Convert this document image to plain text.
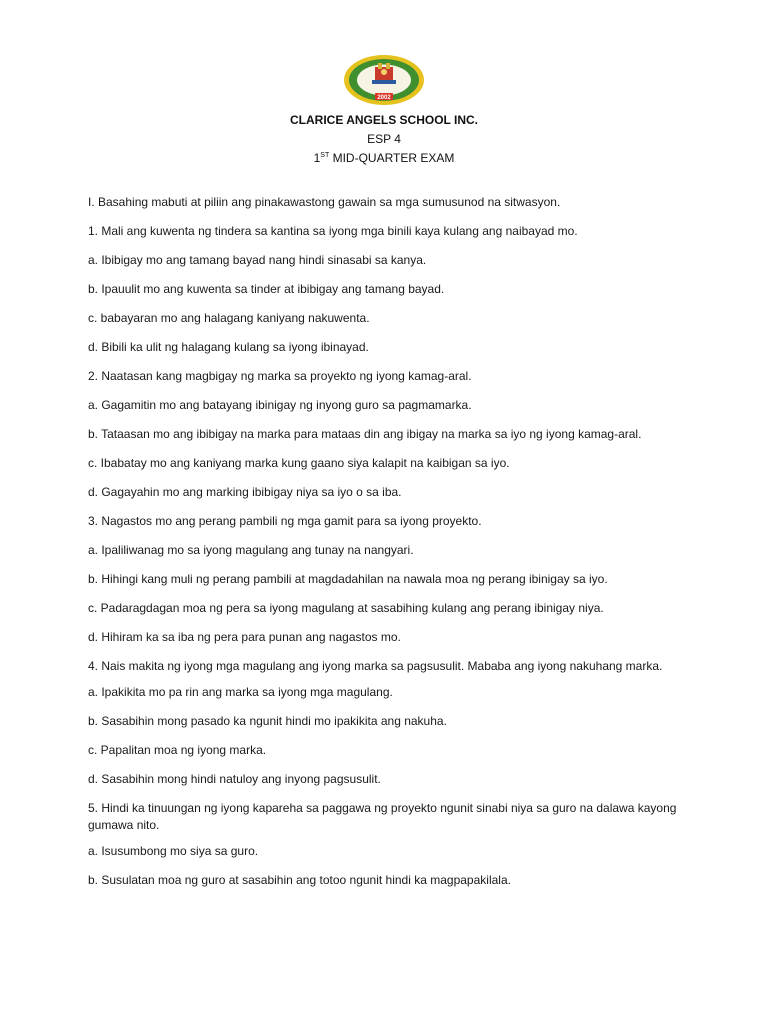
2002
CLARICE ANGELS SCHOOL INC.
ESP 4
1ST MID-QUARTER EXAM

I. Basahing mabuti at piliin ang pinakawastong gawain sa mga sumusunod na sitwasyon.

1. Mali ang kuwenta ng tindera sa kantina sa iyong mga binili kaya kulang ang naibayad mo.

a. Ibibigay mo ang tamang bayad nang hindi sinasabi sa kanya.

b. Ipauulit mo ang kuwenta sa tinder at ibibigay ang tamang bayad.

c. babayaran mo ang halagang kaniyang nakuwenta.

d. Bibili ka ulit ng halagang kulang sa iyong ibinayad.

2. Naatasan kang magbigay ng marka sa proyekto ng iyong kamag-aral.

a. Gagamitin mo ang batayang ibinigay ng inyong guro sa pagmamarka.

b. Tataasan mo ang ibibigay na marka para mataas din ang ibigay na marka sa iyo ng iyong kamag-aral.

c. Ibabatay mo ang kaniyang marka kung gaano siya kalapit na kaibigan sa iyo.

d. Gagayahin mo ang marking ibibigay niya sa iyo o sa iba.

3. Nagastos mo ang perang pambili ng mga gamit para sa iyong proyekto.

a. Ipaliliwanag mo sa iyong magulang ang tunay na nangyari.

b. Hihingi kang muli ng perang pambili at magdadahilan na nawala moa ng perang ibinigay sa iyo.

c. Padaragdagan moa ng pera sa iyong magulang at sasabihing kulang ang perang ibinigay niya.

d. Hihiram ka sa iba ng pera para punan ang nagastos mo.

4. Nais makita ng iyong mga magulang ang iyong marka sa pagsusulit. Mababa ang iyong nakuhang marka.

a. Ipakikita mo pa rin ang marka sa iyong mga magulang.

b. Sasabihin mong pasado ka ngunit hindi mo ipakikita ang nakuha.

c. Papalitan moa ng iyong marka.

d. Sasabihin mong hindi natuloy ang inyong pagsusulit.

5. Hindi ka tinuungan ng iyong kapareha sa paggawa ng proyekto ngunit sinabi niya sa guro na dalawa kayong gumawa nito.

a. Isusumbong mo siya sa guro.

b. Susulatan moa ng guro at sasabihin ang totoo ngunit hindi ka magpapakilala.
